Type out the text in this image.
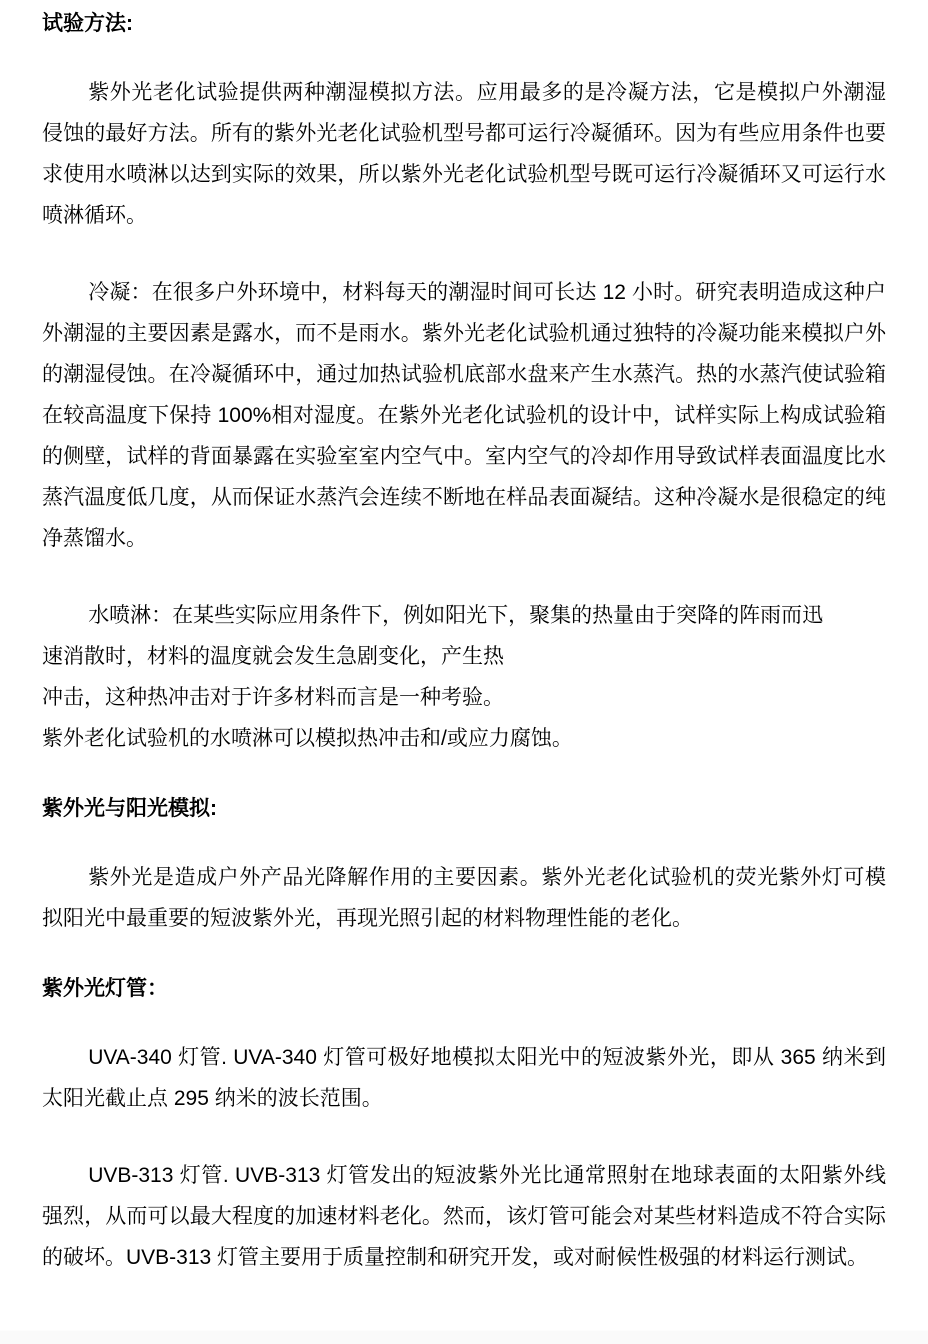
试验方法:

紫外光老化试验提供两种潮湿模拟方法。应用最多的是冷凝方法，它是模拟户外潮湿侵蚀的最好方法。所有的紫外光老化试验机型号都可运行冷凝循环。因为有些应用条件也要求使用水喷淋以达到实际的效果，所以紫外光老化试验机型号既可运行冷凝循环又可运行水喷淋循环。

冷凝：在很多户外环境中，材料每天的潮湿时间可长达 12 小时。研究表明造成这种户外潮湿的主要因素是露水，而不是雨水。紫外光老化试验机通过独特的冷凝功能来模拟户外的潮湿侵蚀。在冷凝循环中，通过加热试验机底部水盘来产生水蒸汽。热的水蒸汽使试验箱在较高温度下保持 100%相对湿度。在紫外光老化试验机的设计中，试样实际上构成试验箱的侧壁，试样的背面暴露在实验室室内空气中。室内空气的冷却作用导致试样表面温度比水蒸汽温度低几度，从而保证水蒸汽会连续不断地在样品表面凝结。这种冷凝水是很稳定的纯净蒸馏水。

水喷淋：在某些实际应用条件下，例如阳光下，聚集的热量由于突降的阵雨而迅
速消散时，材料的温度就会发生急剧变化，产生热
冲击，这种热冲击对于许多材料而言是一种考验。
紫外老化试验机的水喷淋可以模拟热冲击和/或应力腐蚀。
紫外光与阳光模拟:

紫外光是造成户外产品光降解作用的主要因素。紫外光老化试验机的荧光紫外灯可模拟阳光中最重要的短波紫外光，再现光照引起的材料物理性能的老化。

紫外光灯管：

UVA-340 灯管. UVA-340 灯管可极好地模拟太阳光中的短波紫外光，即从 365 纳米到太阳光截止点 295 纳米的波长范围。

UVB-313 灯管. UVB-313 灯管发出的短波紫外光比通常照射在地球表面的太阳紫外线强烈，从而可以最大程度的加速材料老化。然而，该灯管可能会对某些材料造成不符合实际的破坏。UVB-313 灯管主要用于质量控制和研究开发，或对耐候性极强的材料运行测试。
